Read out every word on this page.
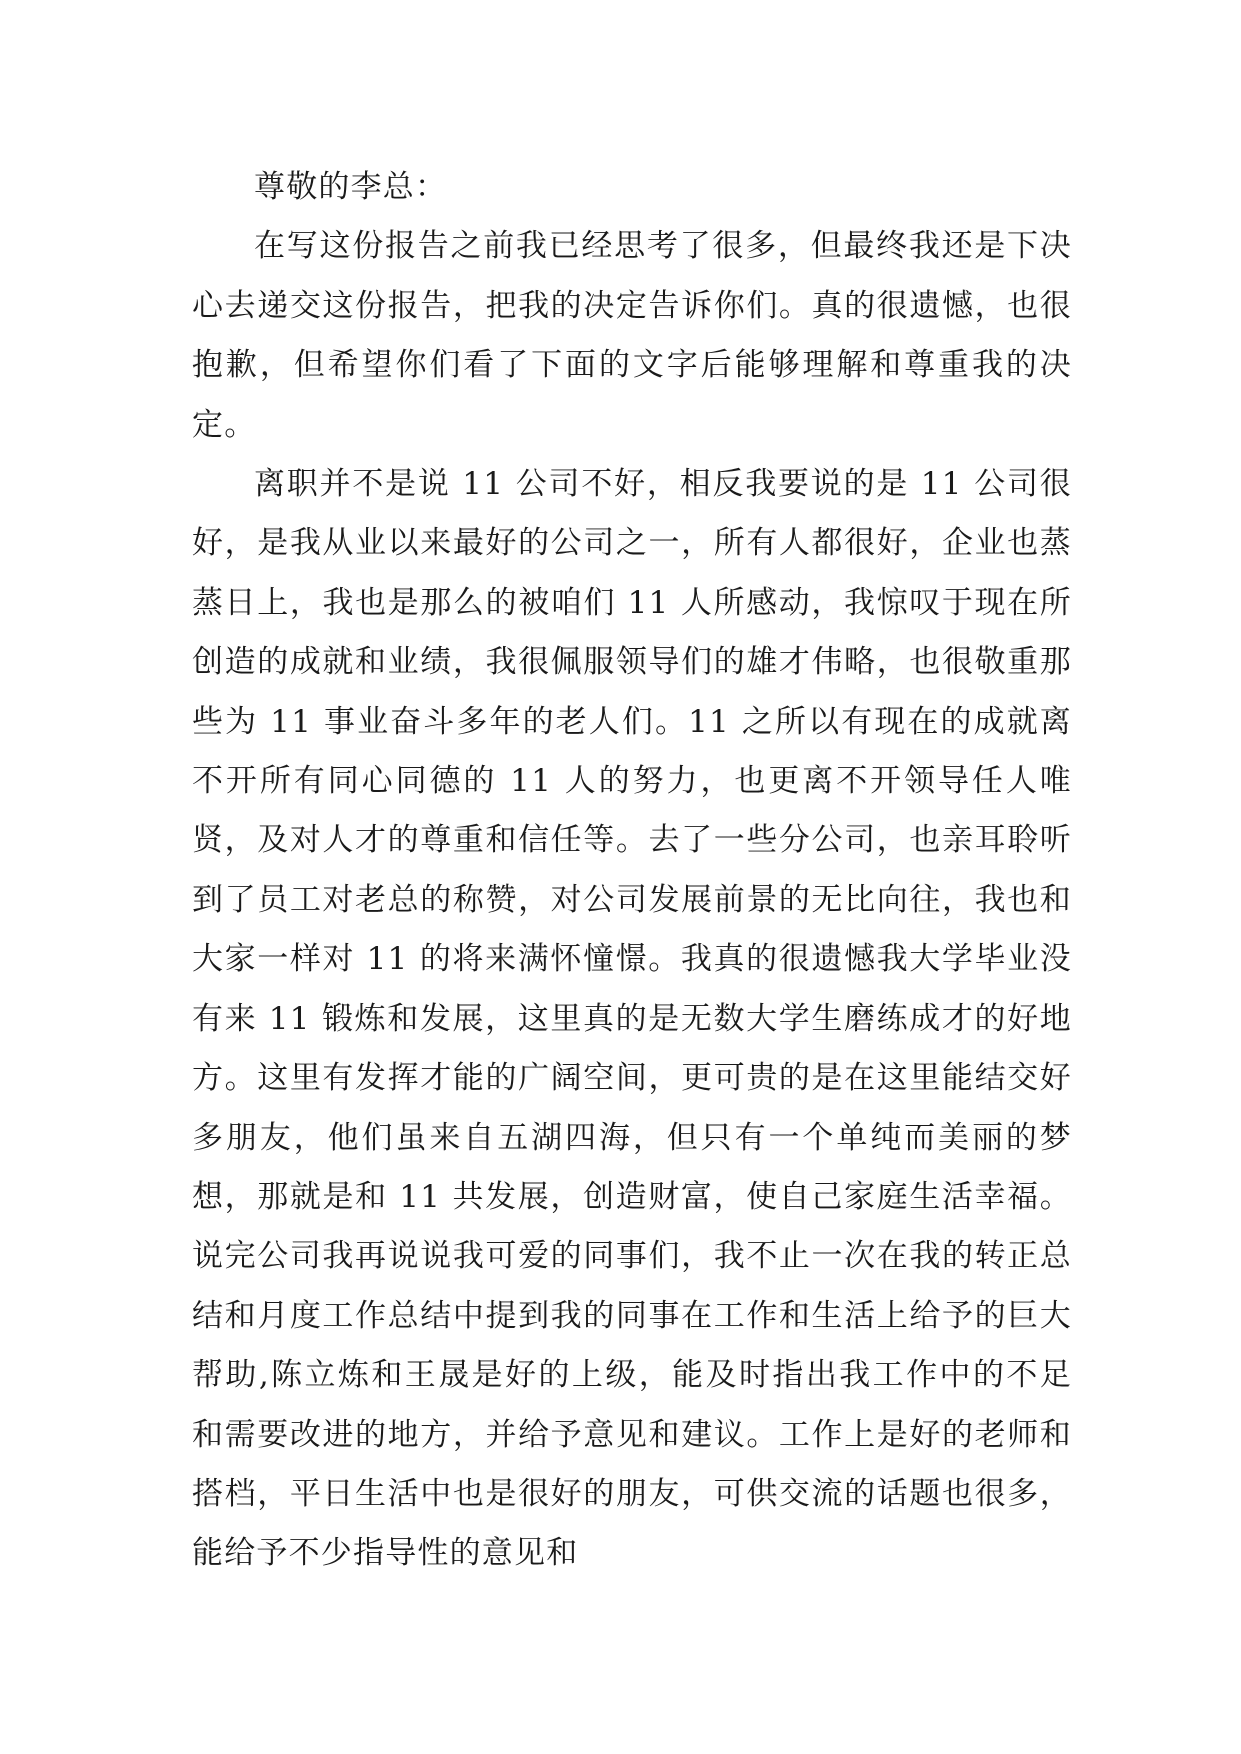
尊敬的李总：

在写这份报告之前我已经思考了很多，但最终我还是下决心去递交这份报告，把我的决定告诉你们。真的很遗憾，也很抱歉，但希望你们看了下面的文字后能够理解和尊重我的决定。

离职并不是说 11 公司不好，相反我要说的是 11 公司很好，是我从业以来最好的公司之一，所有人都很好，企业也蒸蒸日上，我也是那么的被咱们 11 人所感动，我惊叹于现在所创造的成就和业绩，我很佩服领导们的雄才伟略，也很敬重那些为 11 事业奋斗多年的老人们。11 之所以有现在的成就离不开所有同心同德的 11 人的努力，也更离不开领导任人唯贤，及对人才的尊重和信任等。去了一些分公司，也亲耳聆听到了员工对老总的称赞，对公司发展前景的无比向往，我也和大家一样对 11 的将来满怀憧憬。我真的很遗憾我大学毕业没有来 11 锻炼和发展，这里真的是无数大学生磨练成才的好地方。这里有发挥才能的广阔空间，更可贵的是在这里能结交好多朋友，他们虽来自五湖四海，但只有一个单纯而美丽的梦想，那就是和 11 共发展，创造财富，使自己家庭生活幸福。说完公司我再说说我可爱的同事们，我不止一次在我的转正总结和月度工作总结中提到我的同事在工作和生活上给予的巨大帮助,陈立炼和王晟是好的上级，能及时指出我工作中的不足和需要改进的地方，并给予意见和建议。工作上是好的老师和搭档，平日生活中也是很好的朋友，可供交流的话题也很多，能给予不少指导性的意见和
